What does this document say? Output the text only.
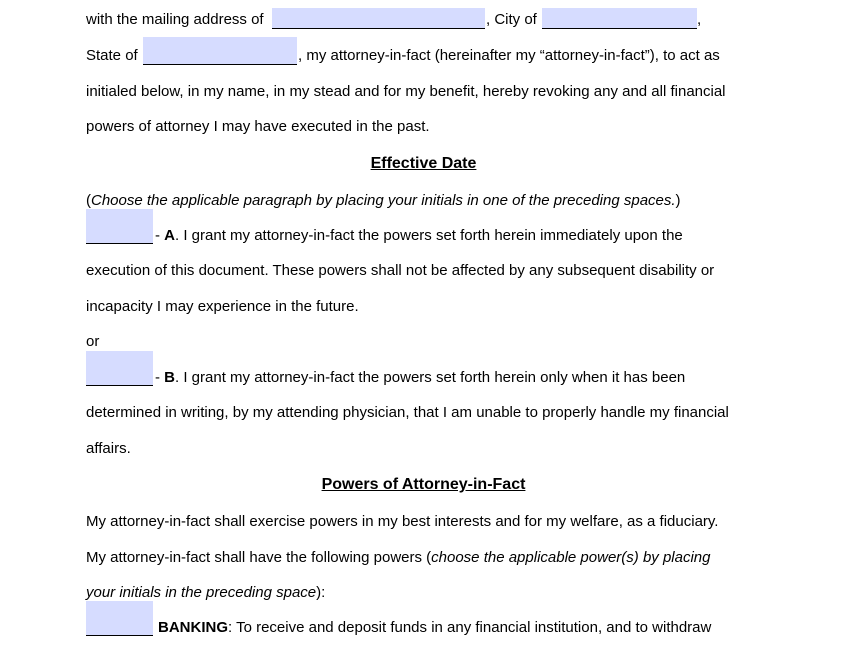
with the mailing address of	, City of	,
State of	, my attorney-in-fact (hereinafter my “attorney-in-fact”), to act as
initialed below, in my name, in my stead and for my benefit, hereby revoking any and all financial
powers of attorney I may have executed in the past.
Effective Date
(Choose the applicable paragraph by placing your initials in one of the preceding spaces.)
- A. I grant my attorney-in-fact the powers set forth herein immediately upon the
execution of this document. These powers shall not be affected by any subsequent disability or
incapacity I may experience in the future.
or
- B. I grant my attorney-in-fact the powers set forth herein only when it has been
determined in writing, by my attending physician, that I am unable to properly handle my financial
affairs.
Powers of Attorney-in-Fact
My attorney-in-fact shall exercise powers in my best interests and for my welfare, as a fiduciary.
My attorney-in-fact shall have the following powers (choose the applicable power(s) by placing
your initials in the preceding space):
BANKING: To receive and deposit funds in any financial institution, and to withdraw
